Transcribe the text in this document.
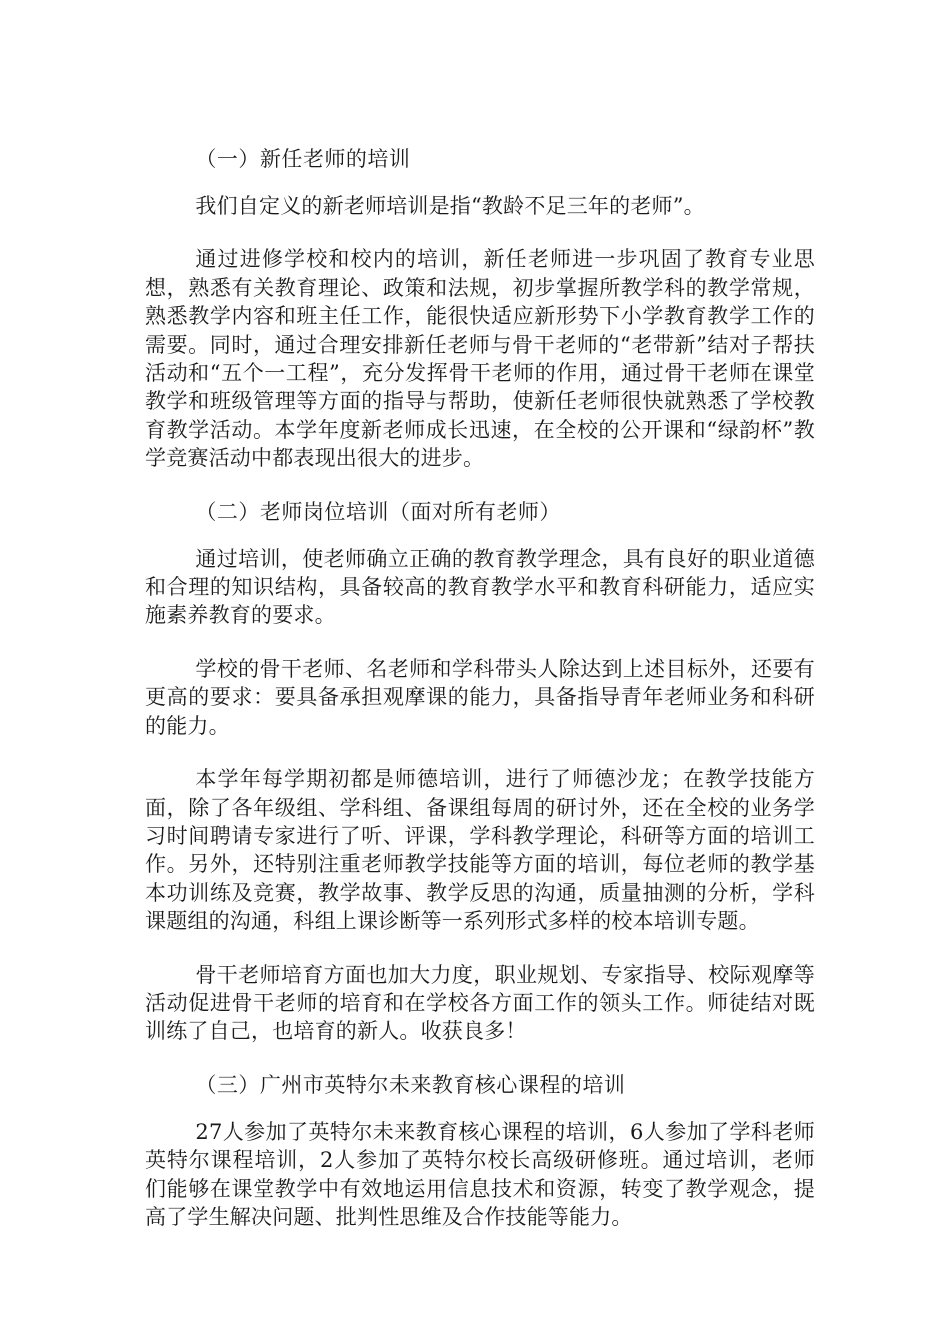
（一）新任老师的培训

我们自定义的新老师培训是指“教龄不足三年的老师”。

通过进修学校和校内的培训，新任老师进一步巩固了教育专业思想，熟悉有关教育理论、政策和法规，初步掌握所教学科的教学常规，熟悉教学内容和班主任工作，能很快适应新形势下小学教育教学工作的需要。同时，通过合理安排新任老师与骨干老师的“老带新”结对子帮扶活动和“五个一工程”，充分发挥骨干老师的作用，通过骨干老师在课堂教学和班级管理等方面的指导与帮助，使新任老师很快就熟悉了学校教育教学活动。本学年度新老师成长迅速，在全校的公开课和“绿韵杯”教学竞赛活动中都表现出很大的进步。

（二）老师岗位培训（面对所有老师）

通过培训，使老师确立正确的教育教学理念，具有良好的职业道德和合理的知识结构，具备较高的教育教学水平和教育科研能力，适应实施素养教育的要求。

学校的骨干老师、名老师和学科带头人除达到上述目标外，还要有更高的要求：要具备承担观摩课的能力，具备指导青年老师业务和科研的能力。

本学年每学期初都是师德培训，进行了师德沙龙；在教学技能方面，除了各年级组、学科组、备课组每周的研讨外，还在全校的业务学习时间聘请专家进行了听、评课，学科教学理论，科研等方面的培训工作。另外，还特别注重老师教学技能等方面的培训，每位老师的教学基本功训练及竞赛，教学故事、教学反思的沟通，质量抽测的分析，学科课题组的沟通，科组上课诊断等一系列形式多样的校本培训专题。

骨干老师培育方面也加大力度，职业规划、专家指导、校际观摩等活动促进骨干老师的培育和在学校各方面工作的领头工作。师徒结对既训练了自己，也培育的新人。收获良多！

（三）广州市英特尔未来教育核心课程的培训

27人参加了英特尔未来教育核心课程的培训，6人参加了学科老师英特尔课程培训，2人参加了英特尔校长高级研修班。通过培训，老师们能够在课堂教学中有效地运用信息技术和资源，转变了教学观念，提高了学生解决问题、批判性思维及合作技能等能力。
